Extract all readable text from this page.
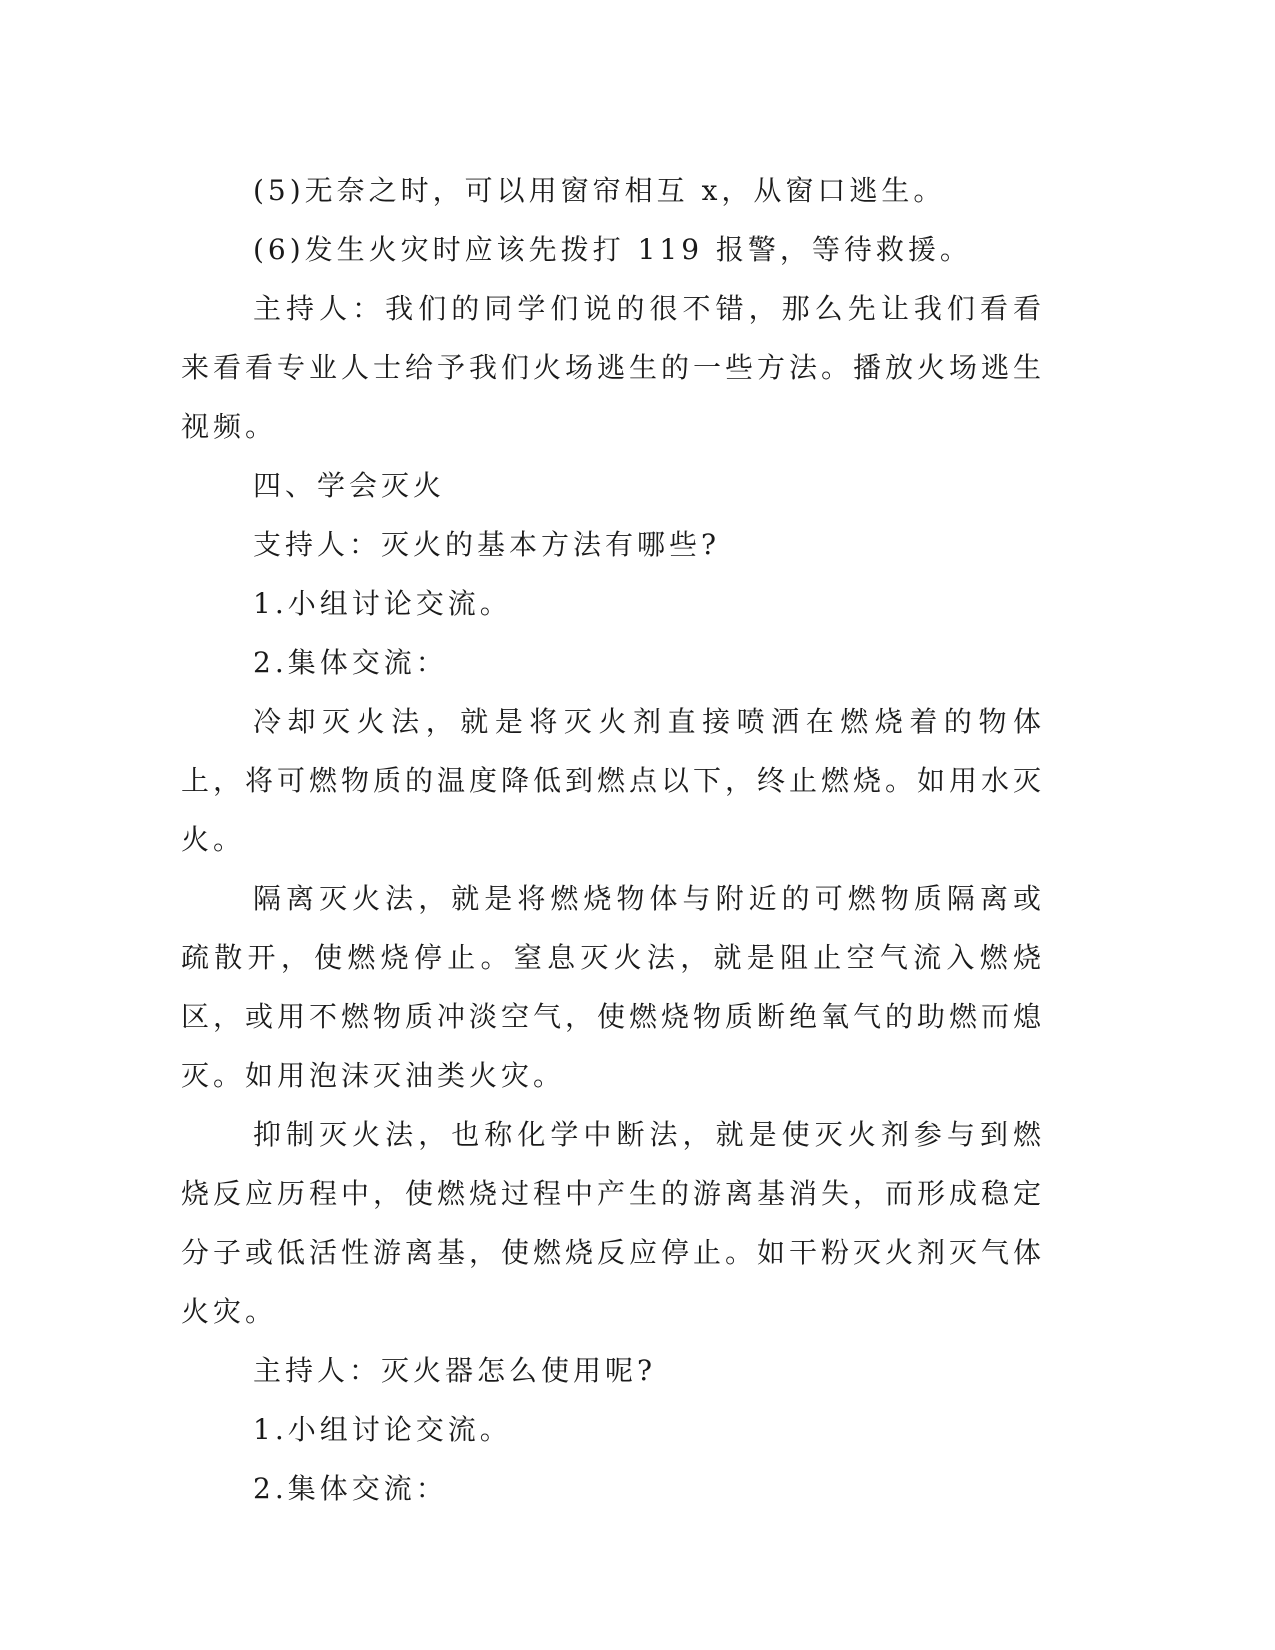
(5)无奈之时，可以用窗帘相互 x，从窗口逃生。

(6)发生火灾时应该先拨打 119 报警，等待救援。

主持人：我们的同学们说的很不错，那么先让我们看看来看看专业人士给予我们火场逃生的一些方法。播放火场逃生视频。

四、学会灭火

支持人：灭火的基本方法有哪些?

1.小组讨论交流。

2.集体交流：

冷却灭火法，就是将灭火剂直接喷洒在燃烧着的物体上，将可燃物质的温度降低到燃点以下，终止燃烧。如用水灭火。

隔离灭火法，就是将燃烧物体与附近的可燃物质隔离或疏散开，使燃烧停止。窒息灭火法，就是阻止空气流入燃烧区，或用不燃物质冲淡空气，使燃烧物质断绝氧气的助燃而熄灭。如用泡沫灭油类火灾。

抑制灭火法，也称化学中断法，就是使灭火剂参与到燃烧反应历程中，使燃烧过程中产生的游离基消失，而形成稳定分子或低活性游离基，使燃烧反应停止。如干粉灭火剂灭气体火灾。

主持人：灭火器怎么使用呢?

1.小组讨论交流。

2.集体交流：
